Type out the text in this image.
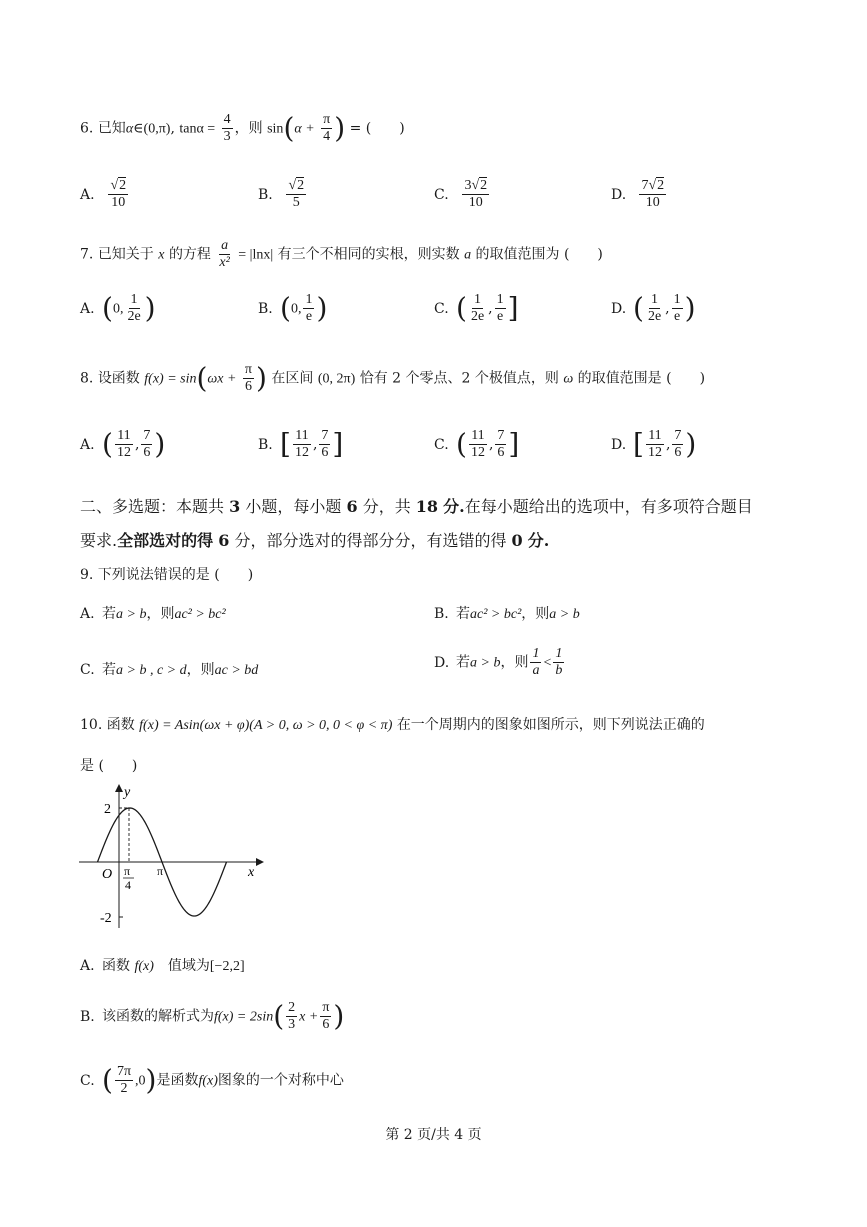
6. 已知α∈(0,π), $\tan\alpha = \frac{4}{3}$ ，则 $\sin(\alpha + \frac{\pi}{4}$ ) = (　　)
A. $\frac{√2}{10}$	B. $\frac{√2}{5}$	C. $\frac{3√2}{10}$	D. $\frac{7√2}{10}$
7. 已知关于 x 的方程 $\frac{a}{\text{x²}} = |\ln x|$ 有三个不相同的实根，则实数 a 的取值范围为 (　　)
A. (0, $\frac{1}{2e}$ )	B. (0, $\frac{1}{e}$ )	C. ( $\frac{1}{2e}$ , $\frac{1}{e}$ ]	D. ( $\frac{1}{2e}$ , $\frac{1}{e}$ )
8. 设函数 $f(x) = \sin(\omega x + \frac{\pi}{6}$ ) 在区间 (0, 2π) 恰有 2 个零点、2 个极值点，则 ω 的取值范围是 (　　)
A. ( $\frac{11}{12}$ , $\frac{7}{6}$ )	B. [ $\frac{11}{12}$ , $\frac{7}{6}$ ]	C. ( $\frac{11}{12}$ , $\frac{7}{6}$ ]	D. [ $\frac{11}{12}$ , $\frac{7}{6}$ )
二、多选题：本题共 3 小题，每小题 6 分，共 18 分.在每小题给出的选项中，有多项符合题目
要求.全部选对的得 6 分，部分选对的得部分分，有选错的得 0 分.
9. 下列说法错误的是 (　　)
A. 若a > b，则ac² > bc²	B. 若ac² > bc²，则a > b
C. 若a > b , c > d，则ac > bd	D. 若a > b，则 $\frac{1}{a} < \frac{1}{b}$
10. 函数 f(x) = Asin(ωx + φ)(A > 0, ω > 0, 0 < φ < π) 在一个周期内的图象如图所示，则下列说法正确的
是 (　　)
x
y
O
2
-2
π
4
π
A. 函数 f(x)　 值域为[−2,2]
B. 该函数的解析式为$f(x) = 2\sin( \frac{2}{3}$ $x + \frac{\pi}{6}$ )
C. ( $\frac{7\pi}{2} ,0$)是函数f(x)图象的一个对称中心
第 2 页/共 4 页
